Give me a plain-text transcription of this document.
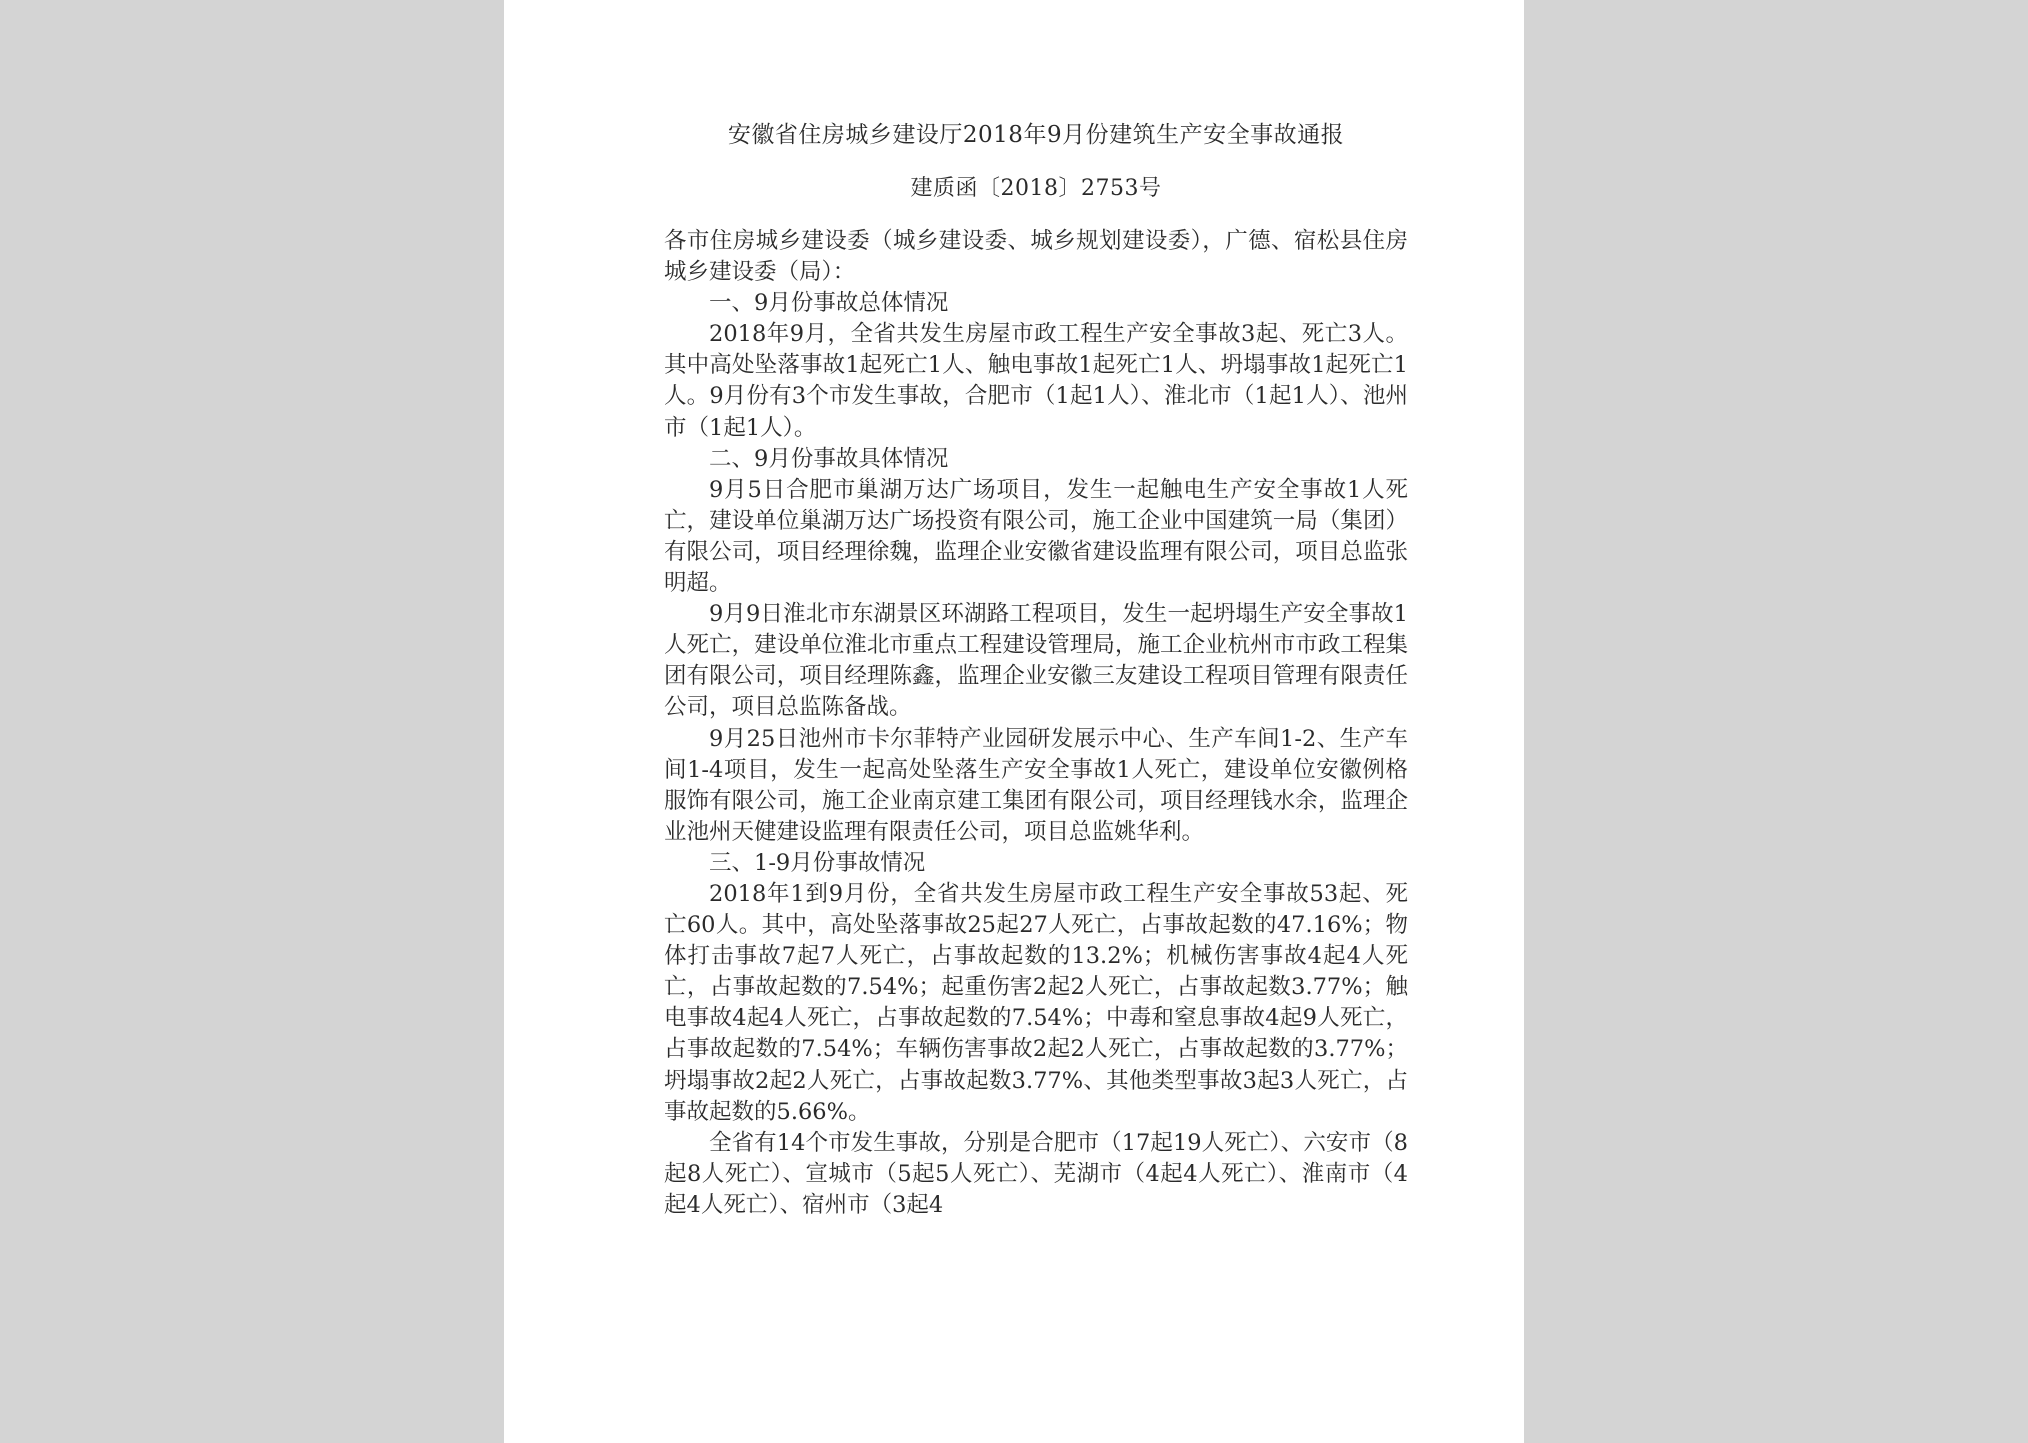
安徽省住房城乡建设厅2018年9月份建筑生产安全事故通报
建质函〔2018〕2753号

各市住房城乡建设委（城乡建设委、城乡规划建设委），广德、宿松县住房城乡建设委（局）：

一、9月份事故总体情况

2018年9月，全省共发生房屋市政工程生产安全事故3起、死亡3人。其中高处坠落事故1起死亡1人、触电事故1起死亡1人、坍塌事故1起死亡1人。9月份有3个市发生事故，合肥市（1起1人）、淮北市（1起1人）、池州市（1起1人）。

二、9月份事故具体情况

9月5日合肥市巢湖万达广场项目，发生一起触电生产安全事故1人死亡，建设单位巢湖万达广场投资有限公司，施工企业中国建筑一局（集团）有限公司，项目经理徐魏，监理企业安徽省建设监理有限公司，项目总监张明超。

9月9日淮北市东湖景区环湖路工程项目，发生一起坍塌生产安全事故1人死亡，建设单位淮北市重点工程建设管理局，施工企业杭州市市政工程集团有限公司，项目经理陈鑫，监理企业安徽三友建设工程项目管理有限责任公司，项目总监陈备战。

9月25日池州市卡尔菲特产业园研发展示中心、生产车间1-2、生产车间1-4项目，发生一起高处坠落生产安全事故1人死亡，建设单位安徽例格服饰有限公司，施工企业南京建工集团有限公司，项目经理钱水余，监理企业池州天健建设监理有限责任公司，项目总监姚华利。

三、1-9月份事故情况

2018年1到9月份，全省共发生房屋市政工程生产安全事故53起、死亡60人。其中，高处坠落事故25起27人死亡，占事故起数的47.16%；物体打击事故7起7人死亡，占事故起数的13.2%；机械伤害事故4起4人死亡，占事故起数的7.54%；起重伤害2起2人死亡，占事故起数3.77%；触电事故4起4人死亡，占事故起数的7.54%；中毒和窒息事故4起9人死亡，占事故起数的7.54%；车辆伤害事故2起2人死亡，占事故起数的3.77%；坍塌事故2起2人死亡，占事故起数3.77%、其他类型事故3起3人死亡，占事故起数的5.66%。

全省有14个市发生事故，分别是合肥市（17起19人死亡）、六安市（8起8人死亡）、宣城市（5起5人死亡）、芜湖市（4起4人死亡）、淮南市（4起4人死亡）、宿州市（3起4
